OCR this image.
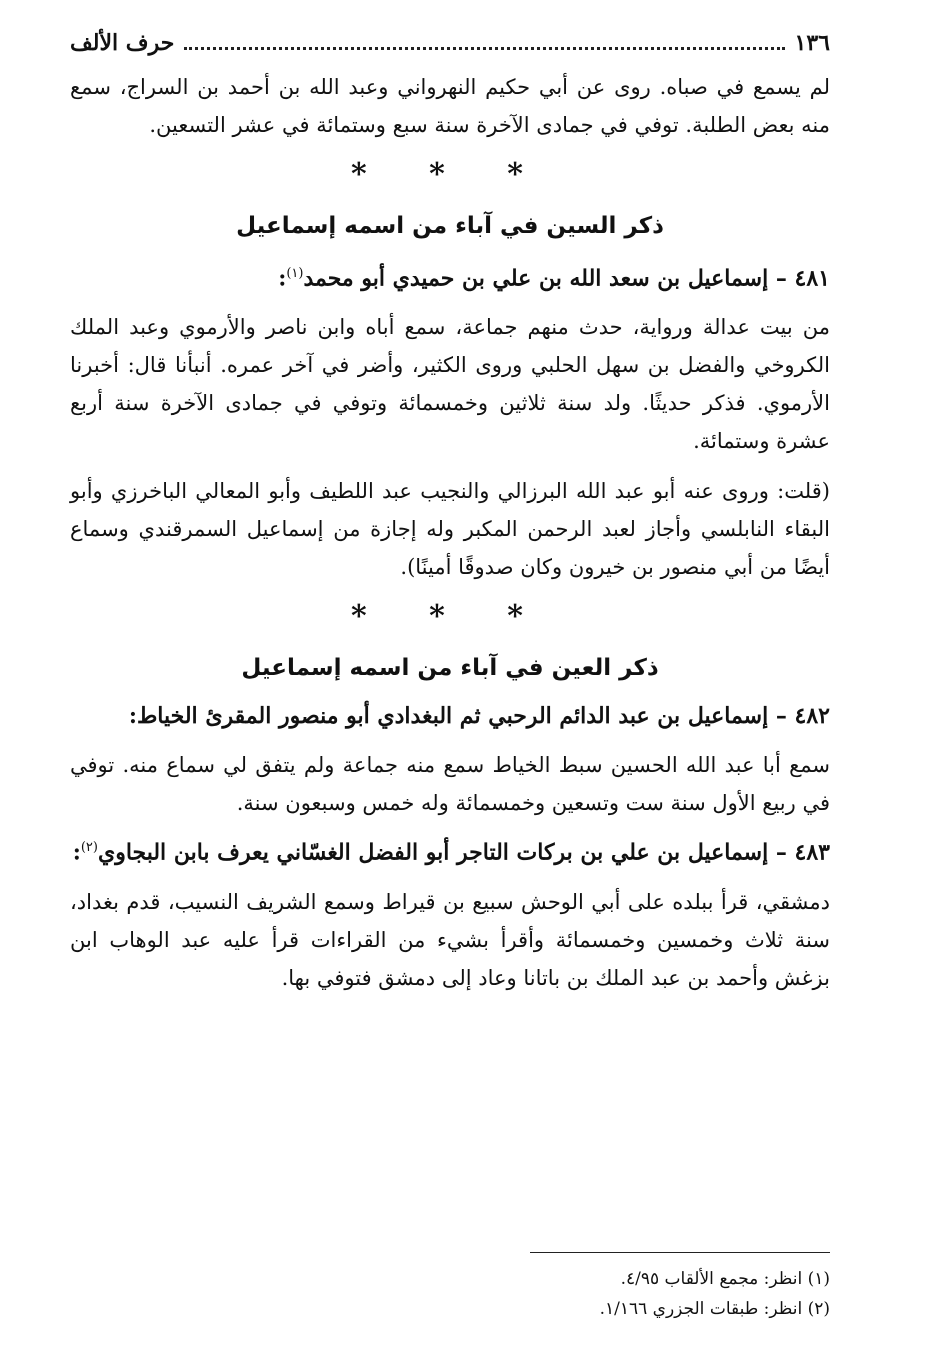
١٣٦
حرف الألف

لم يسمع في صباه. روى عن أبي حكيم النهرواني وعبد الله بن أحمد بن السراج، سمع منه بعض الطلبة. توفي في جمادى الآخرة سنة سبع وستمائة في عشر التسعين.

* * *
ذكر السين في آباء من اسمه إسماعيل
٤٨١ – إسماعيل بن سعد الله بن علي بن حميدي أبو محمد$^{(١)}$:

من بيت عدالة ورواية، حدث منهم جماعة، سمع أباه وابن ناصر والأرموي وعبد الملك الكروخي والفضل بن سهل الحلبي وروى الكثير، وأضر في آخر عمره. أنبأنا قال: أخبرنا الأرموي. فذكر حديثًا. ولد سنة ثلاثين وخمسمائة وتوفي في جمادى الآخرة سنة أربع عشرة وستمائة.

(قلت: وروى عنه أبو عبد الله البرزالي والنجيب عبد اللطيف وأبو المعالي الباخرزي وأبو البقاء النابلسي وأجاز لعبد الرحمن المكبر وله إجازة من إسماعيل السمرقندي وسماع أيضًا من أبي منصور بن خيرون وكان صدوقًا أمينًا).

* * *
ذكر العين في آباء من اسمه إسماعيل
٤٨٢ – إسماعيل بن عبد الدائم الرحبي ثم البغدادي أبو منصور المقرئ الخياط:

سمع أبا عبد الله الحسين سبط الخياط سمع منه جماعة ولم يتفق لي سماع منه. توفي في ربيع الأول سنة ست وتسعين وخمسمائة وله خمس وسبعون سنة.

٤٨٣ – إسماعيل بن علي بن بركات التاجر أبو الفضل الغسّاني يعرف بابن البجاوي$^{(٢)}$:

دمشقي، قرأ ببلده على أبي الوحش سبيع بن قيراط وسمع الشريف النسيب، قدم بغداد، سنة ثلاث وخمسين وخمسمائة وأقرأ بشيء من القراءات قرأ عليه عبد الوهاب ابن بزغش وأحمد بن عبد الملك بن باتانا وعاد إلى دمشق فتوفي بها.

(١) انظر: مجمع الألقاب ٤/٩٥.
(٢) انظر: طبقات الجزري ١/١٦٦.
